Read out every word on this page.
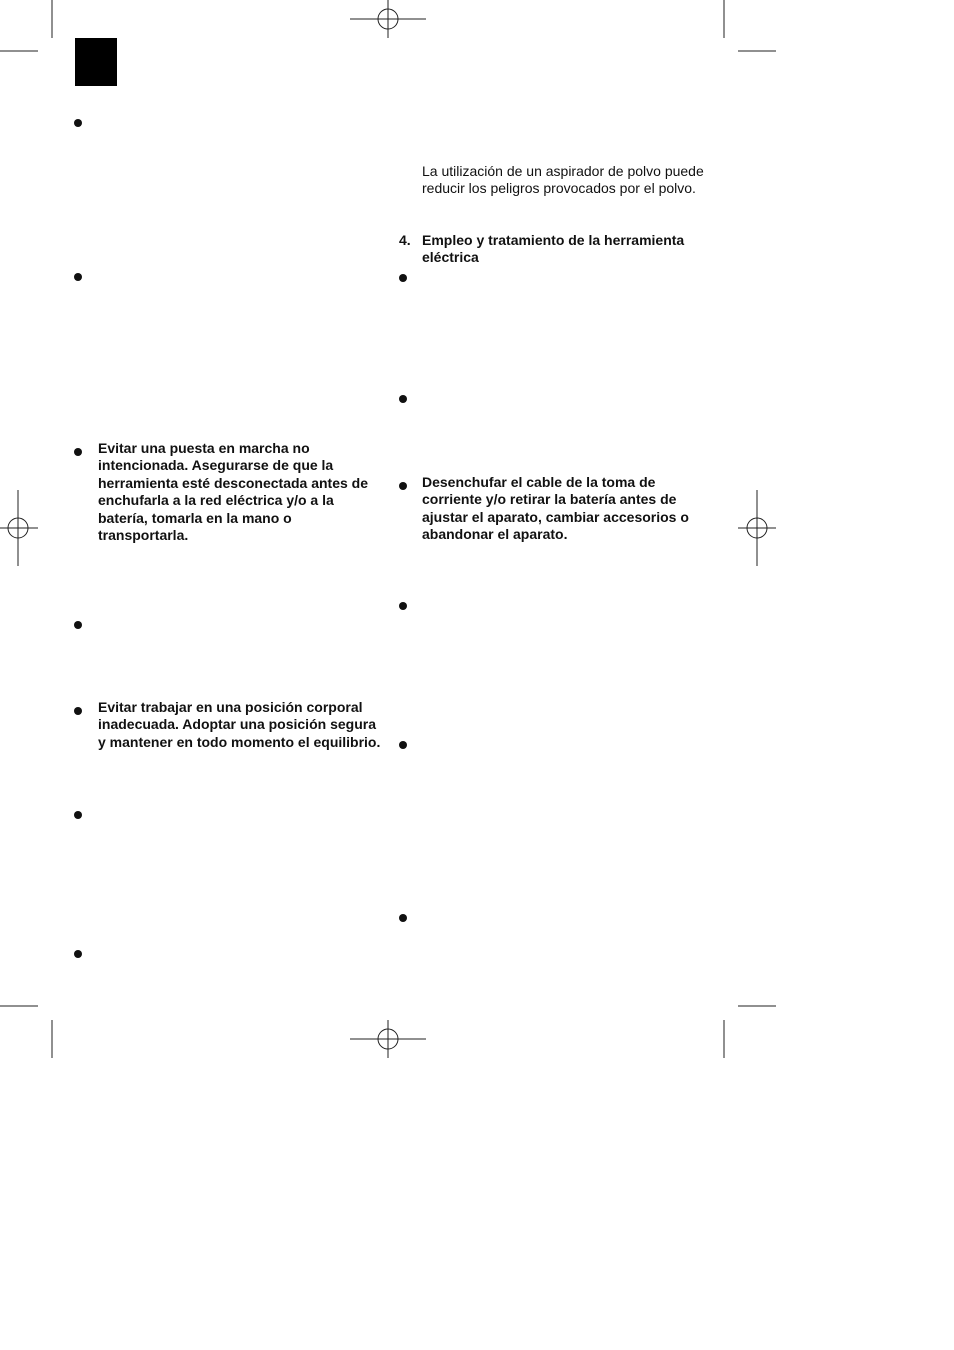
Evitar una puesta en marcha no intencionada. Asegurarse de que la herramienta esté desconectada antes de enchufarla a la red eléctrica y/o a la batería, tomarla en la mano o transportarla.

Evitar trabajar en una posición corporal inadecuada. Adoptar una posición segura y mantener en todo momento el equilibrio.

La utilización de un aspirador de polvo puede reducir los peligros provocados por el polvo.

4. Empleo y tratamiento de la herramienta eléctrica

Desenchufar el cable de la toma de corriente y/o retirar la batería antes de ajustar el aparato, cambiar accesorios o abandonar el aparato.
